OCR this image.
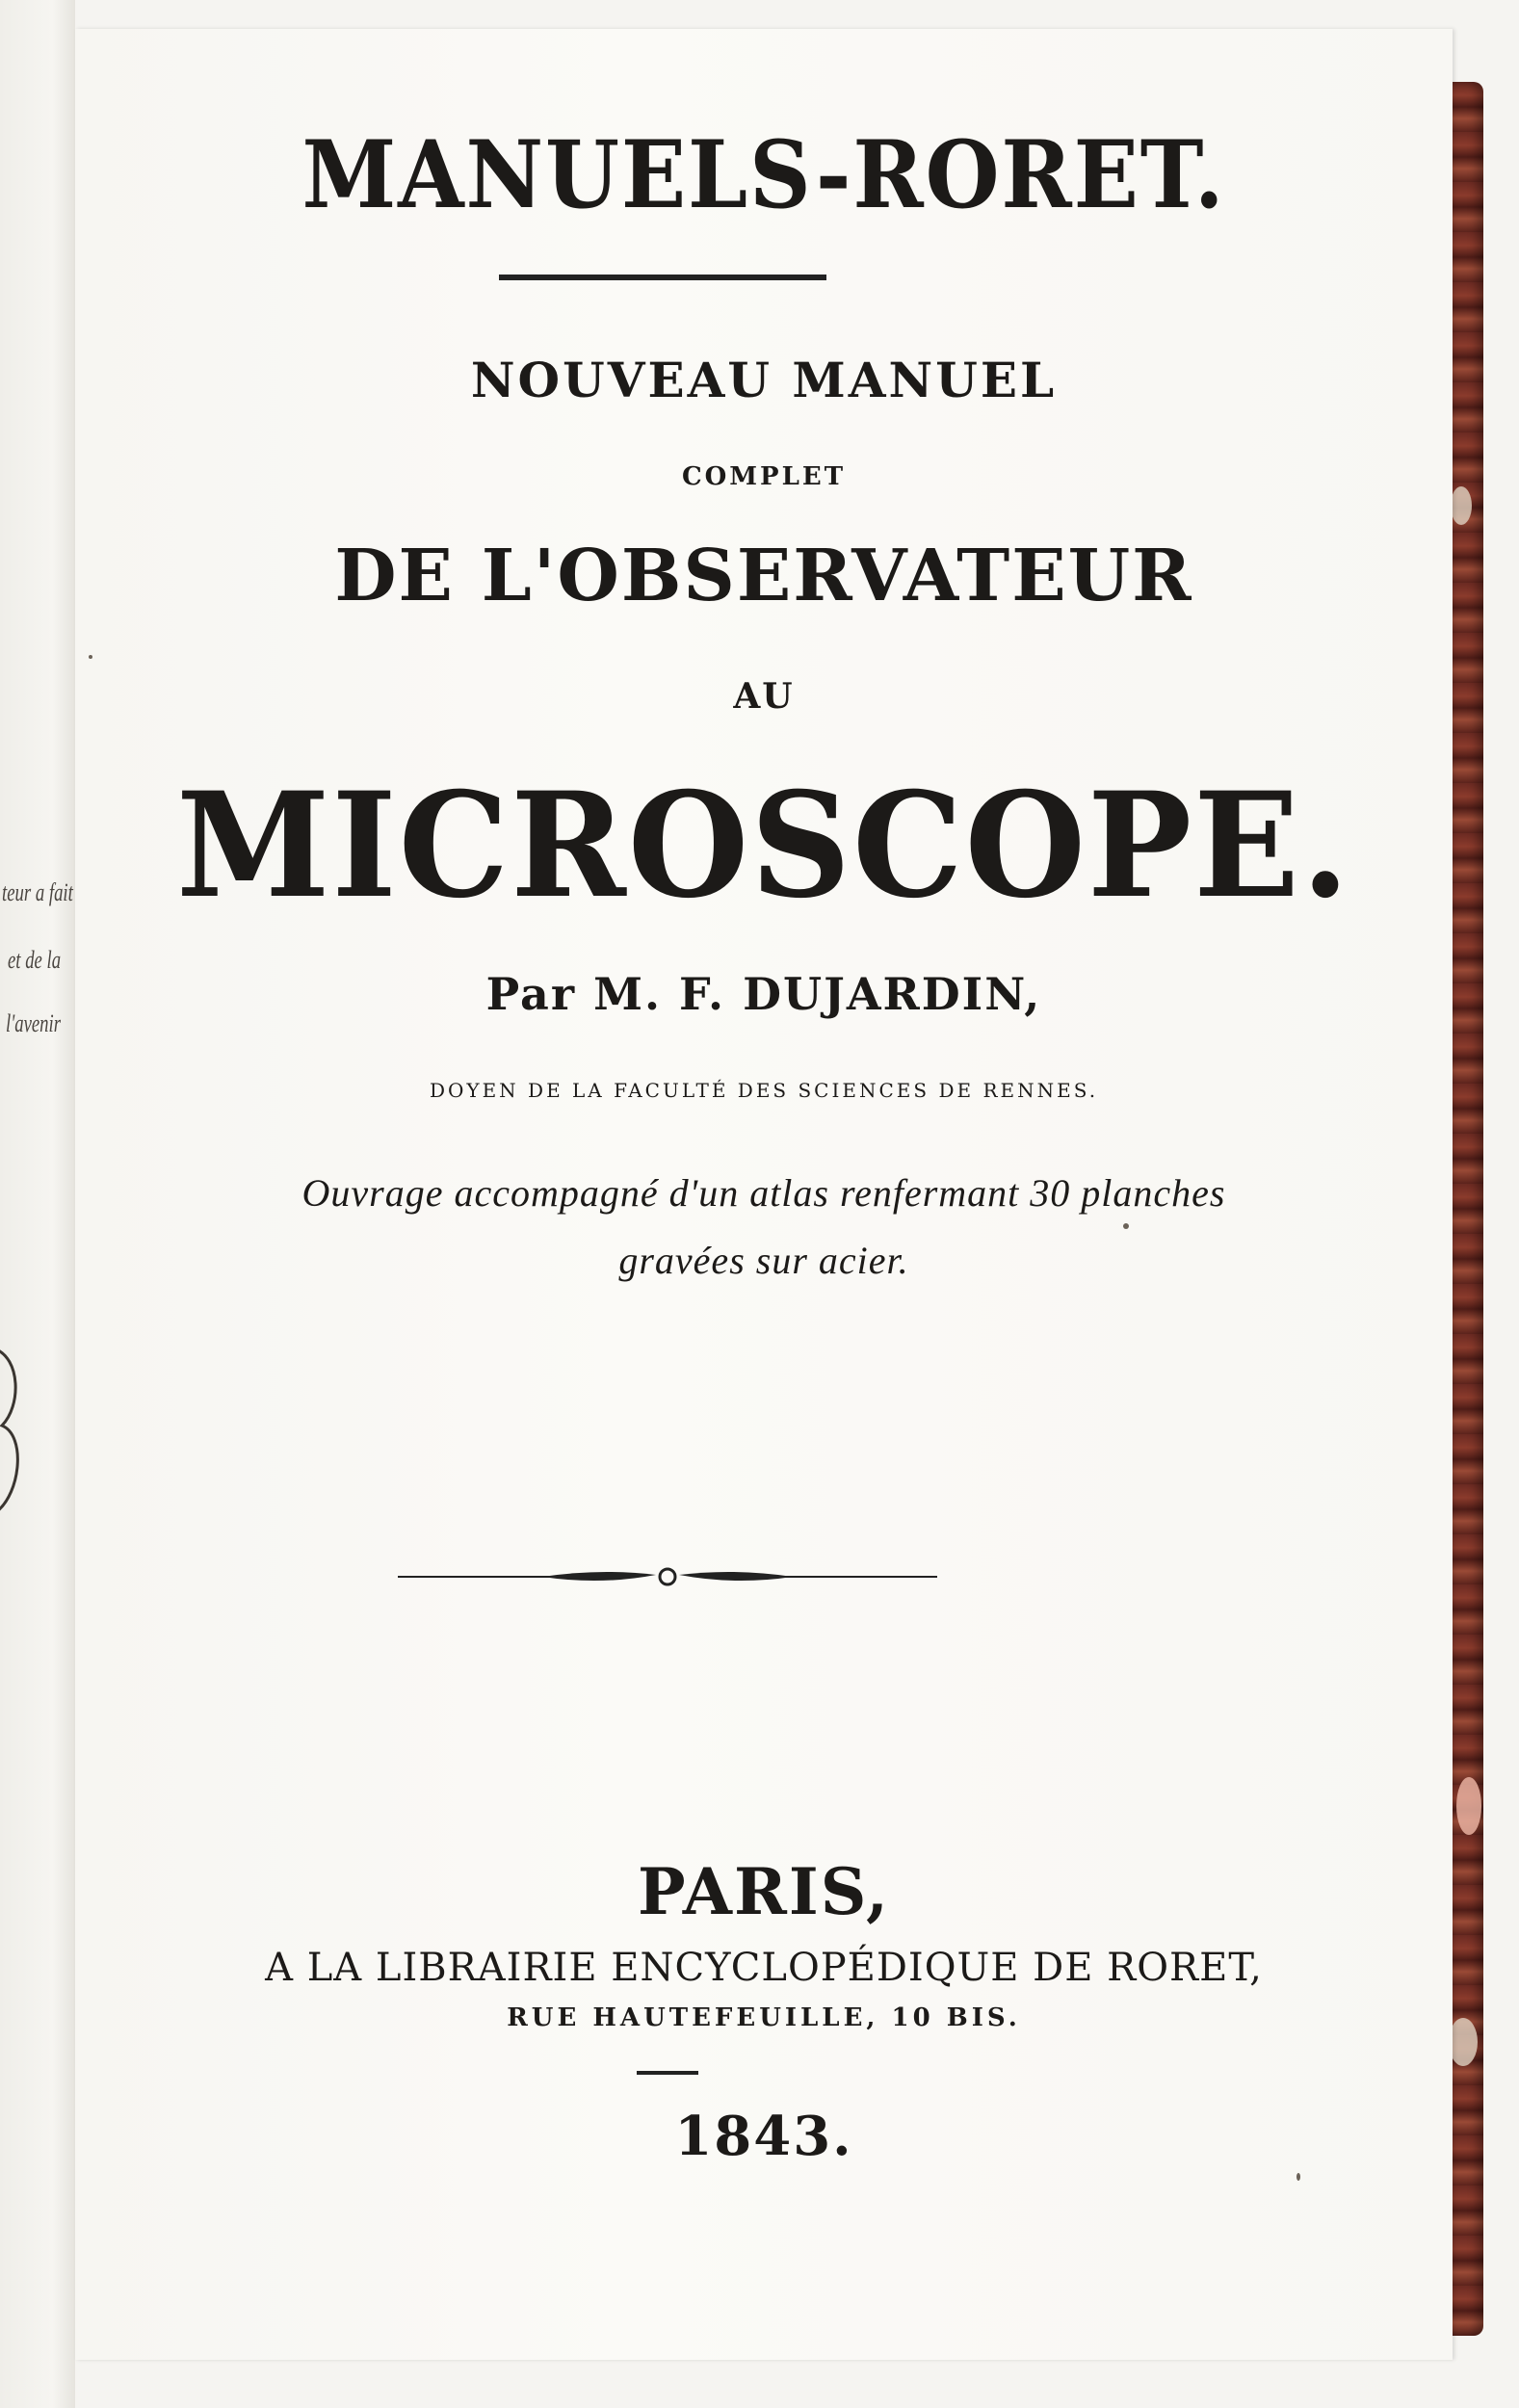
teur a fait
et de la
l'avenir
MANUELS-RORET.
NOUVEAU MANUEL
COMPLET
DE L'OBSERVATEUR
AU
MICROSCOPE.
Par M. F. DUJARDIN,
DOYEN DE LA FACULTÉ DES SCIENCES DE RENNES.
Ouvrage accompagné d'un atlas renfermant 30 planches
gravées sur acier.
PARIS,
A LA LIBRAIRIE ENCYCLOPÉDIQUE DE RORET,
RUE HAUTEFEUILLE, 10 BIS.
1843.
